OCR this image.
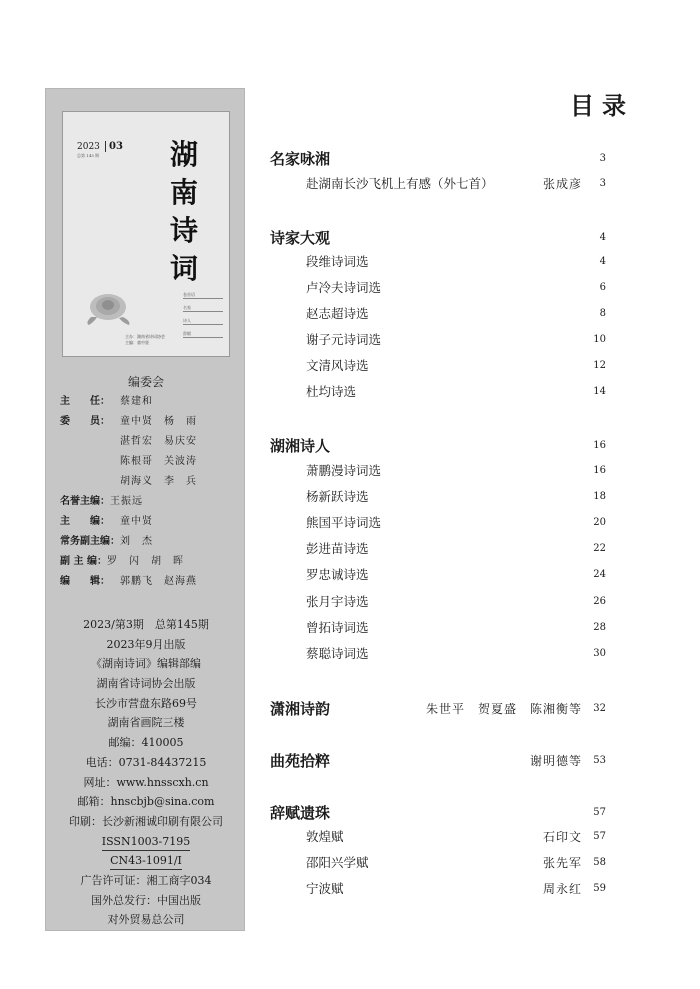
2023
总第 145 期
03 湖
南
诗
词
卷首语
名家
诗人
辞赋
主办：湖南省诗词协会
主编：童中贤
编委会
主　　任：	蔡建和
委　　员：	童中贤　杨　雨
湛哲宏　易庆安
陈根哥　关波涛
胡海义　李　兵
名誉主编： 王振远
主　　编：	童中贤
常务副主编： 刘　杰
副 主 编： 罗　闪　胡　晖
编　　辑：	郭鹏飞　赵海燕
2023/第3期　总第145期
2023年9月出版
《湖南诗词》编辑部编
湖南省诗词协会出版
长沙市营盘东路69号
湖南省画院三楼
邮编：410005
电话：0731-84437215
网址：www.hnsscxh.cn
邮箱：hnscbjb@sina.com
印刷：长沙新湘诚印刷有限公司
ISSN1003-7195
CN43-1091/I
广告许可证：湘工商字034
国外总发行：中国出版
对外贸易总公司
目录
名家咏湘	3
赴湖南长沙飞机上有感（外七首）	张成彦 3
诗家大观	4
段维诗词选	4
卢冷夫诗词选	6
赵志超诗选	8
谢子元诗词选	10
文清风诗选	12
杜均诗选	14
湖湘诗人	16
萧鹏漫诗词选	16
杨新跃诗选	18
熊国平诗词选	20
彭进苗诗选	22
罗忠诚诗选	24
张月宇诗选	26
曾拓诗词选	28
蔡聪诗词选	30
潇湘诗韵	朱世平　贺夏盛　陈湘衡等 32
曲苑拾粹	谢明德等 53
辞赋遗珠	57
敦煌赋	石印文 57
邵阳兴学赋	张先军 58
宁波赋	周永红 59
